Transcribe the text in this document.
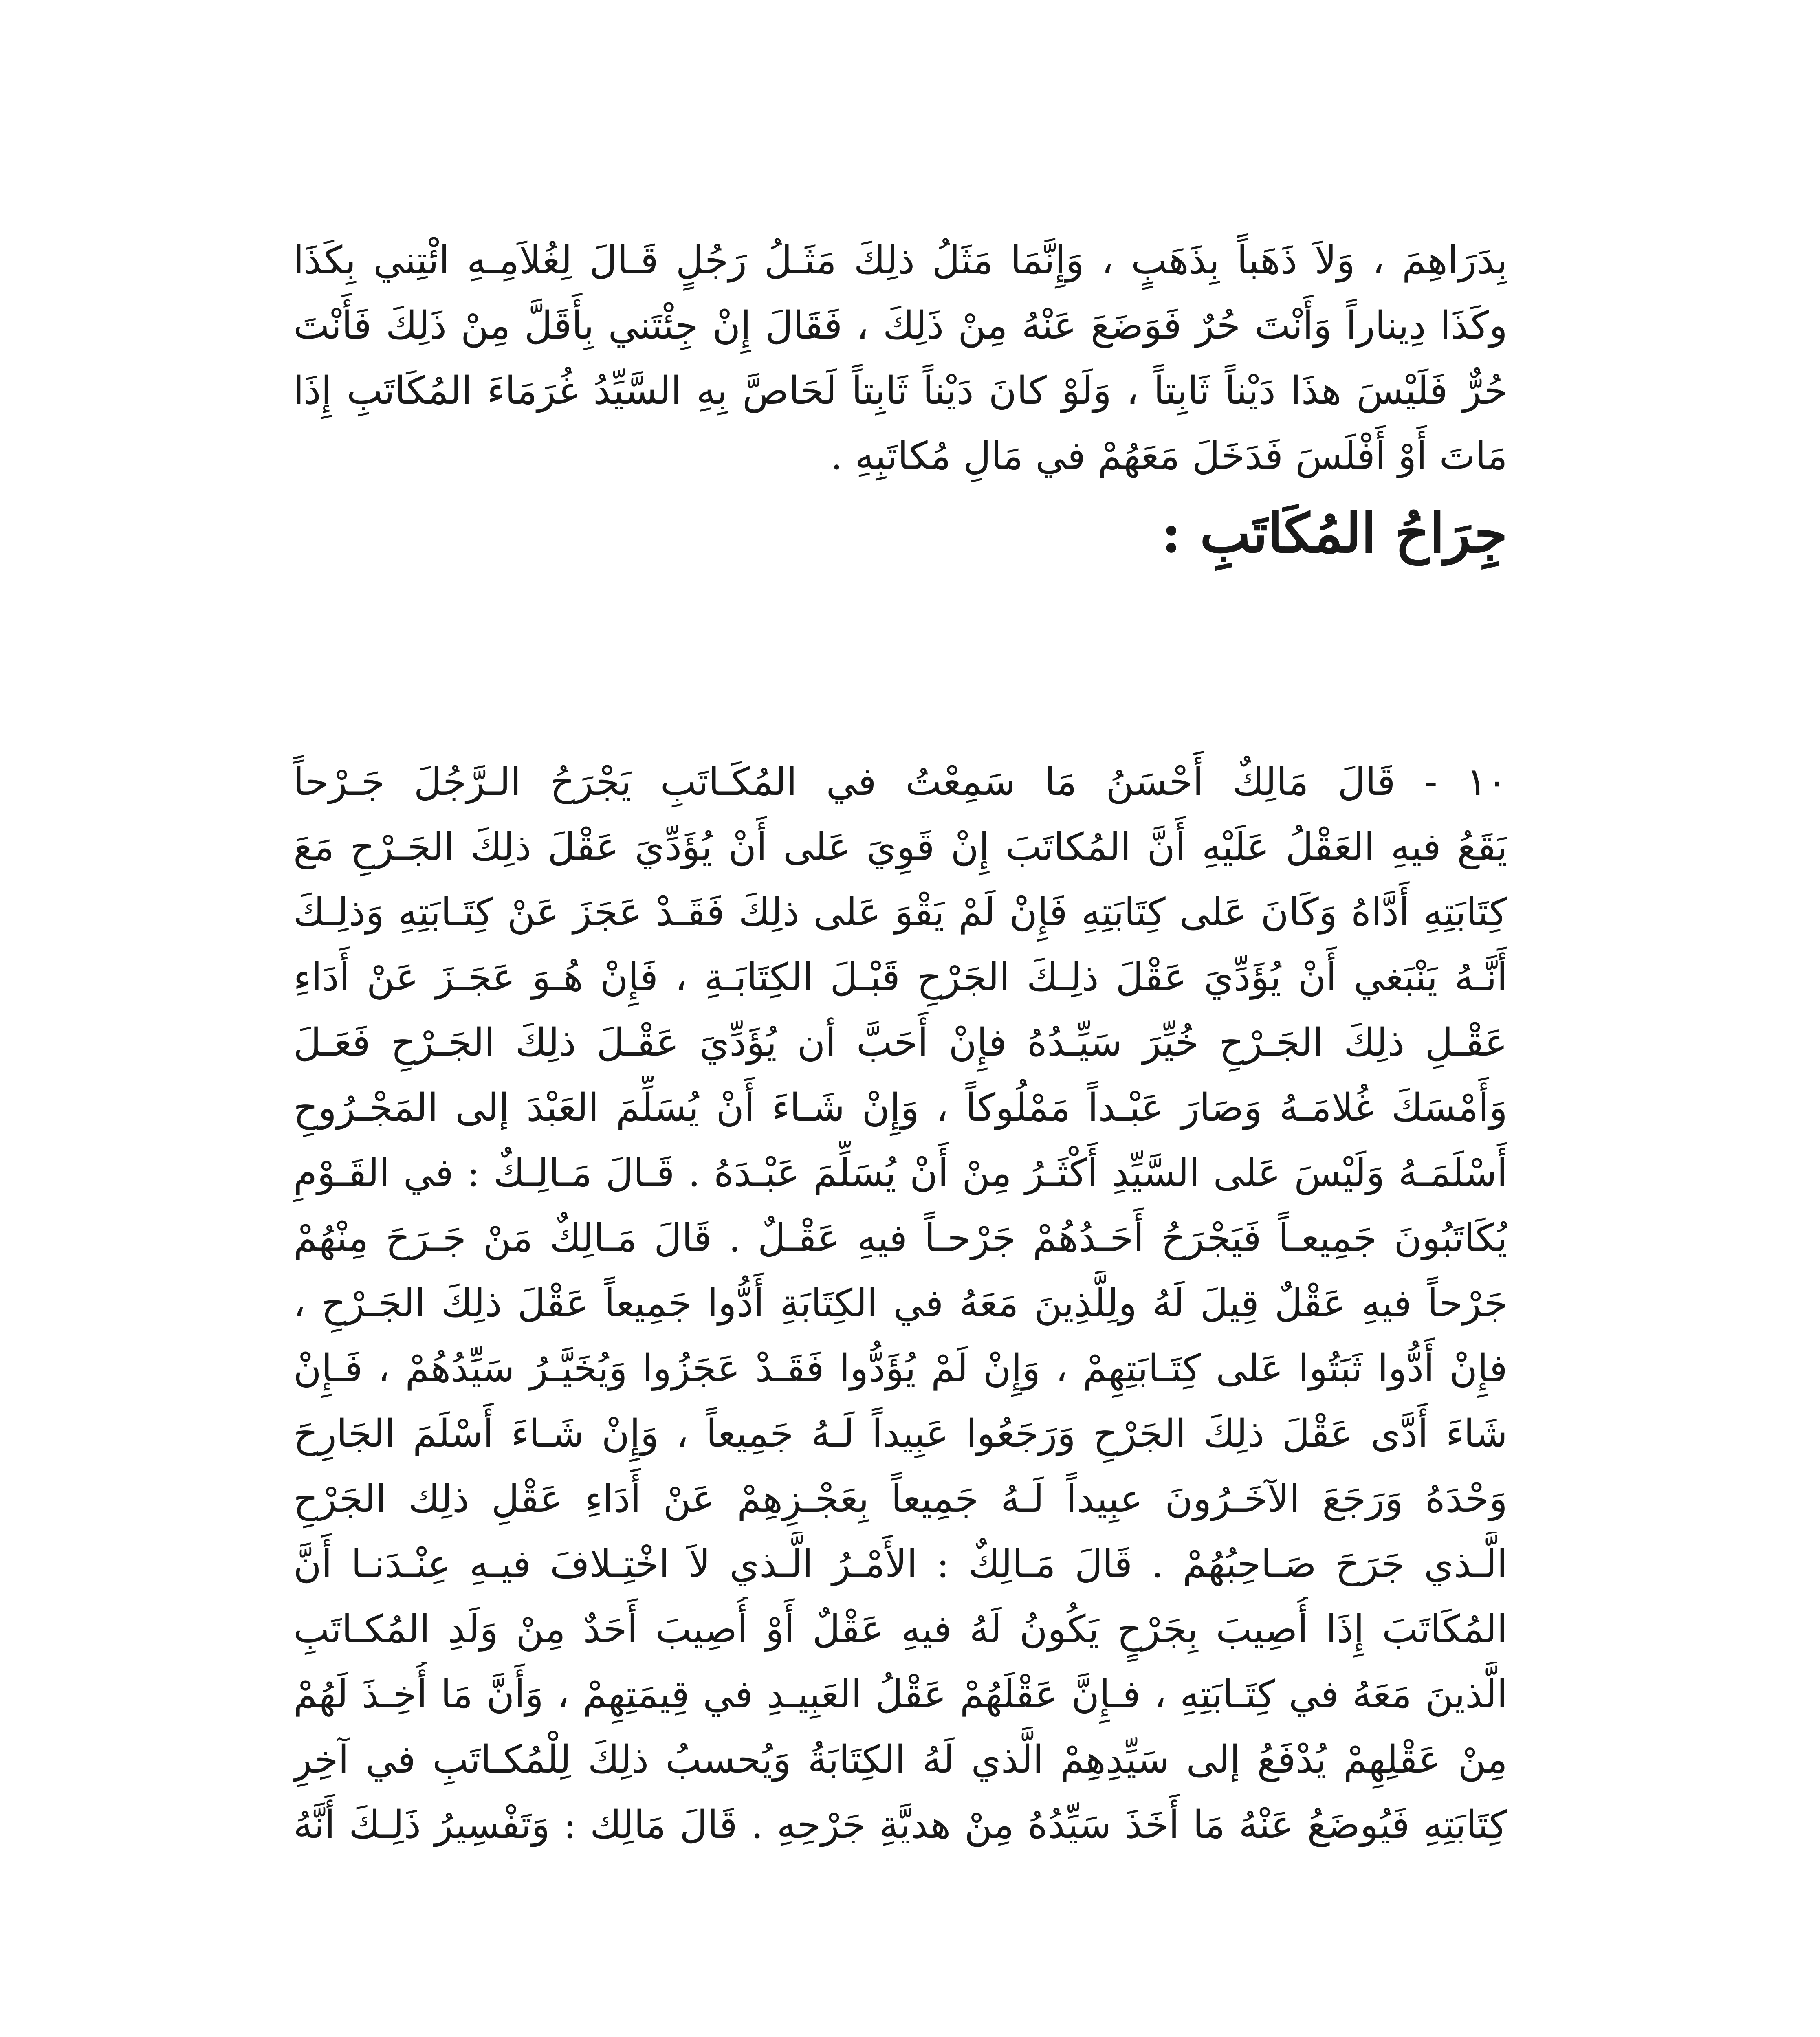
بِدَرَاهِمَ ، وَلاَ ذَهَباً بِذَهَبٍ ، وَإِنَّمَا مَثَلُ ذلِكَ مَثَـلُ رَجُلٍ قَـالَ لِغُلاَمِـهِ ائْتِني بِكَذَا
وكَذَا دِيناراً وَأَنْتَ حُرٌ فَوَضَعَ عَنْهُ مِنْ ذَلِكَ ، فَقَالَ إِنْ جِئْتَني بِأَقَلَّ مِنْ ذَلِكَ فَأَنْتَ
حُرٌّ فَلَيْسَ هذَا دَيْناً ثَابِتاً ، وَلَوْ كانَ دَيْناً ثَابِتاً لَحَاصَّ بِهِ السَّيِّدُ غُرَمَاءَ المُكَاتَبِ إِذَا
مَاتَ أَوْ أَفْلَسَ فَدَخَلَ مَعَهُمْ في مَالِ مُكاتَبِهِ .
جِرَاحُ المُكَاتَبِ :
١٠ - قَالَ مَالِكٌ أَحْسَنُ مَا سَمِعْتُ في المُكَـاتَبِ يَجْرَحُ الـرَّجُلَ جَـرْحاً
يَقَعُ فيهِ العَقْلُ عَلَيْهِ أَنَّ المُكاتَبَ إِنْ قَوِيَ عَلى أَنْ يُؤَدِّيَ عَقْلَ ذلِكَ الجَـرْحِ مَعَ
كِتَابَتِهِ أَدَّاهُ وَكَانَ عَلى كِتَابَتِهِ فَإِنْ لَمْ يَقْوَ عَلى ذلِكَ فَقَـدْ عَجَزَ عَنْ كِتَـابَتِهِ وَذلِـكَ
أَنَّـهُ يَنْبَغي أَنْ يُؤَدِّيَ عَقْلَ ذلِـكَ الجَرْحِ قَبْـلَ الكِتَابَـةِ ، فَإِنْ هُـوَ عَجَـزَ عَنْ أَدَاءِ
عَقْـلِ ذلِكَ الجَـرْحِ خُيِّرَ سَيِّـدُهُ فإِنْ أَحَبَّ أن يُؤَدِّيَ عَقْـلَ ذلِكَ الجَـرْحِ فَعَـلَ
وَأَمْسَكَ غُلامَـهُ وَصَارَ عَبْـداً مَمْلُوكاً ، وَإِنْ شَـاءَ أَنْ يُسَلِّمَ العَبْدَ إلى المَجْـرُوحِ
أَسْلَمَـهُ وَلَيْسَ عَلى السَّيِّدِ أَكْثَـرُ مِنْ أَنْ يُسَلِّمَ عَبْـدَهُ . قَـالَ مَـالِـكٌ : في القَـوْمِ
يُكَاتَبُونَ جَمِيعـاً فَيَجْرَحُ أَحَـدُهُمْ جَرْحـاً فيهِ عَقْـلٌ . قَالَ مَـالِكٌ مَنْ جَـرَحَ مِنْهُمْ
جَرْحاً فيهِ عَقْلٌ قِيلَ لَهُ ولِلَّذِينَ مَعَهُ في الكِتَابَةِ أَدُّوا جَمِيعاً عَقْلَ ذلِكَ الجَـرْحِ ،
فإِنْ أَدُّوا ثَبَتُوا عَلى كِتَـابَتِهِمْ ، وَإِنْ لَمْ يُؤَدُّوا فَقَـدْ عَجَزُوا وَيُخَيَّـرُ سَيِّدُهُمْ ، فَـإِنْ
شَاءَ أَدَّى عَقْلَ ذلِكَ الجَرْحِ وَرَجَعُوا عَبِيداً لَـهُ جَمِيعاً ، وَإِنْ شَـاءَ أَسْلَمَ الجَارِحَ
وَحْدَهُ وَرَجَعَ الآخَـرُونَ عبِيداً لَـهُ جَمِيعاً بِعَجْـزِهِمْ عَنْ أَدَاءِ عَقْلِ ذلِك الجَرْحِ
الَّـذي جَرَحَ صَـاحِبُهُمْ . قَالَ مَـالِكٌ : الأَمْـرُ الَّـذي لاَ اخْتِـلافَ فيـهِ عِنْـدَنـا أَنَّ
المُكَاتَبَ إِذَا أُصِيبَ بِجَرْحٍ يَكُونُ لَهُ فيهِ عَقْلٌ أَوْ أُصِيبَ أَحَدٌ مِنْ وَلَدِ المُكـاتَبِ
الَّذينَ مَعَهُ في كِتَـابَتِهِ ، فـإِنَّ عَقْلَهُمْ عَقْلُ العَبِيـدِ في قِيمَتِهِمْ ، وَأَنَّ مَا أُخِـذَ لَهُمْ
مِنْ عَقْلِهِمْ يُدْفَعُ إلى سَيِّدِهِمْ الَّذي لَهُ الكِتَابَةُ وَيُحسبُ ذلِكَ لِلْمُكـاتَبِ في آخِرِ
كِتَابَتِهِ فَيُوضَعُ عَنْهُ مَا أَخَذَ سَيِّدُهُ مِنْ هديَّةِ جَرْحِهِ . قَالَ مَالِك : وَتَفْسِيرُ ذَلِـكَ أَنَّهُ
